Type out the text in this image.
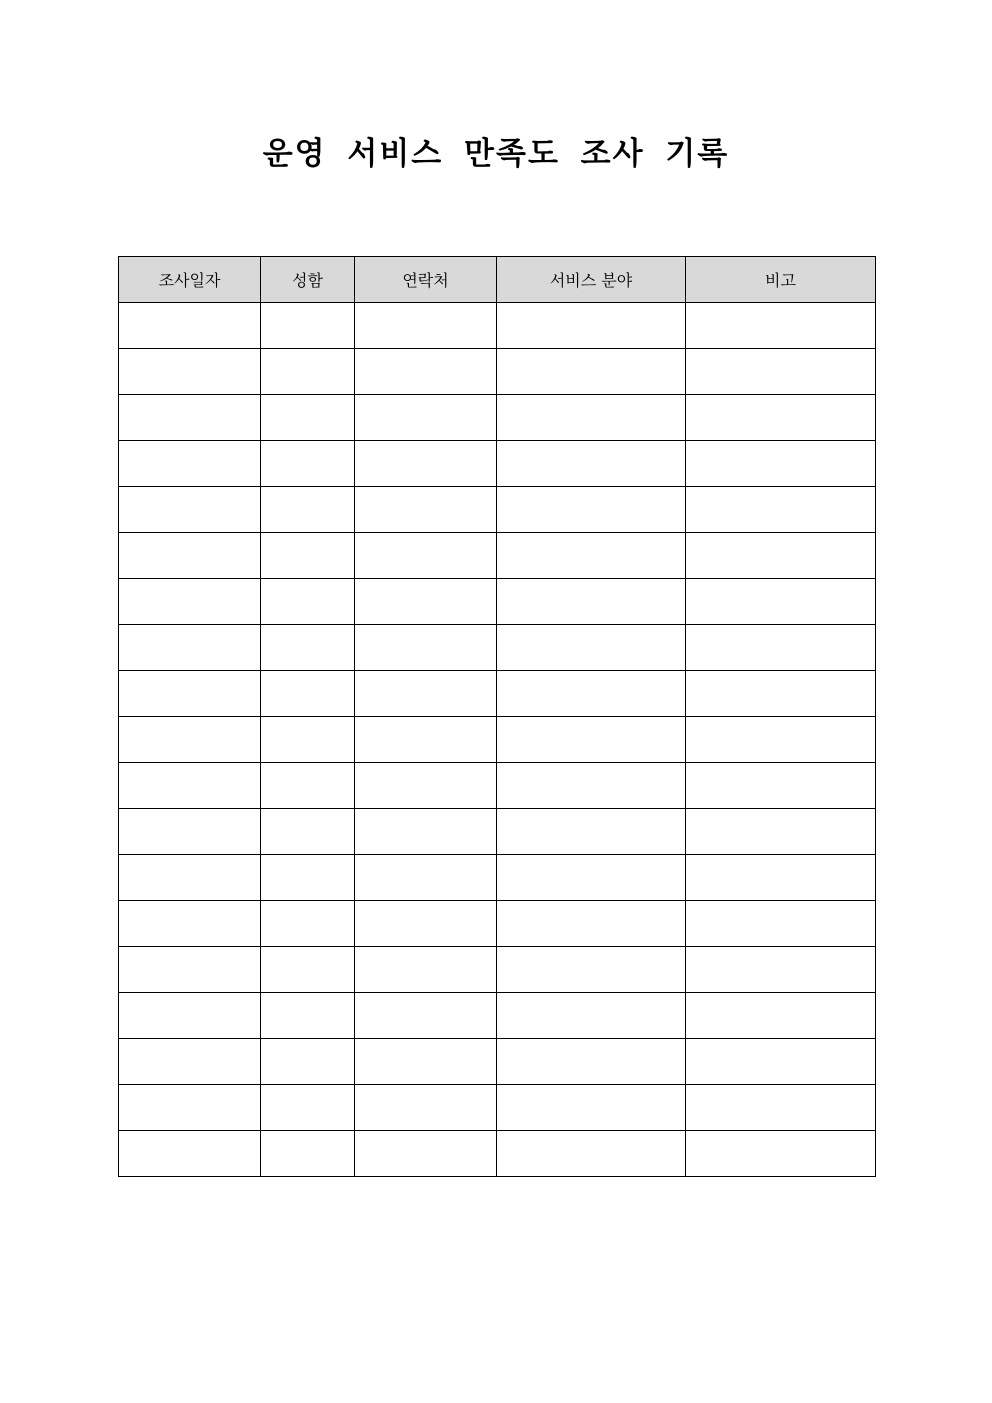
운영 서비스 만족도 조사 기록
조사일자	성함	연락처	서비스 분야	비고
